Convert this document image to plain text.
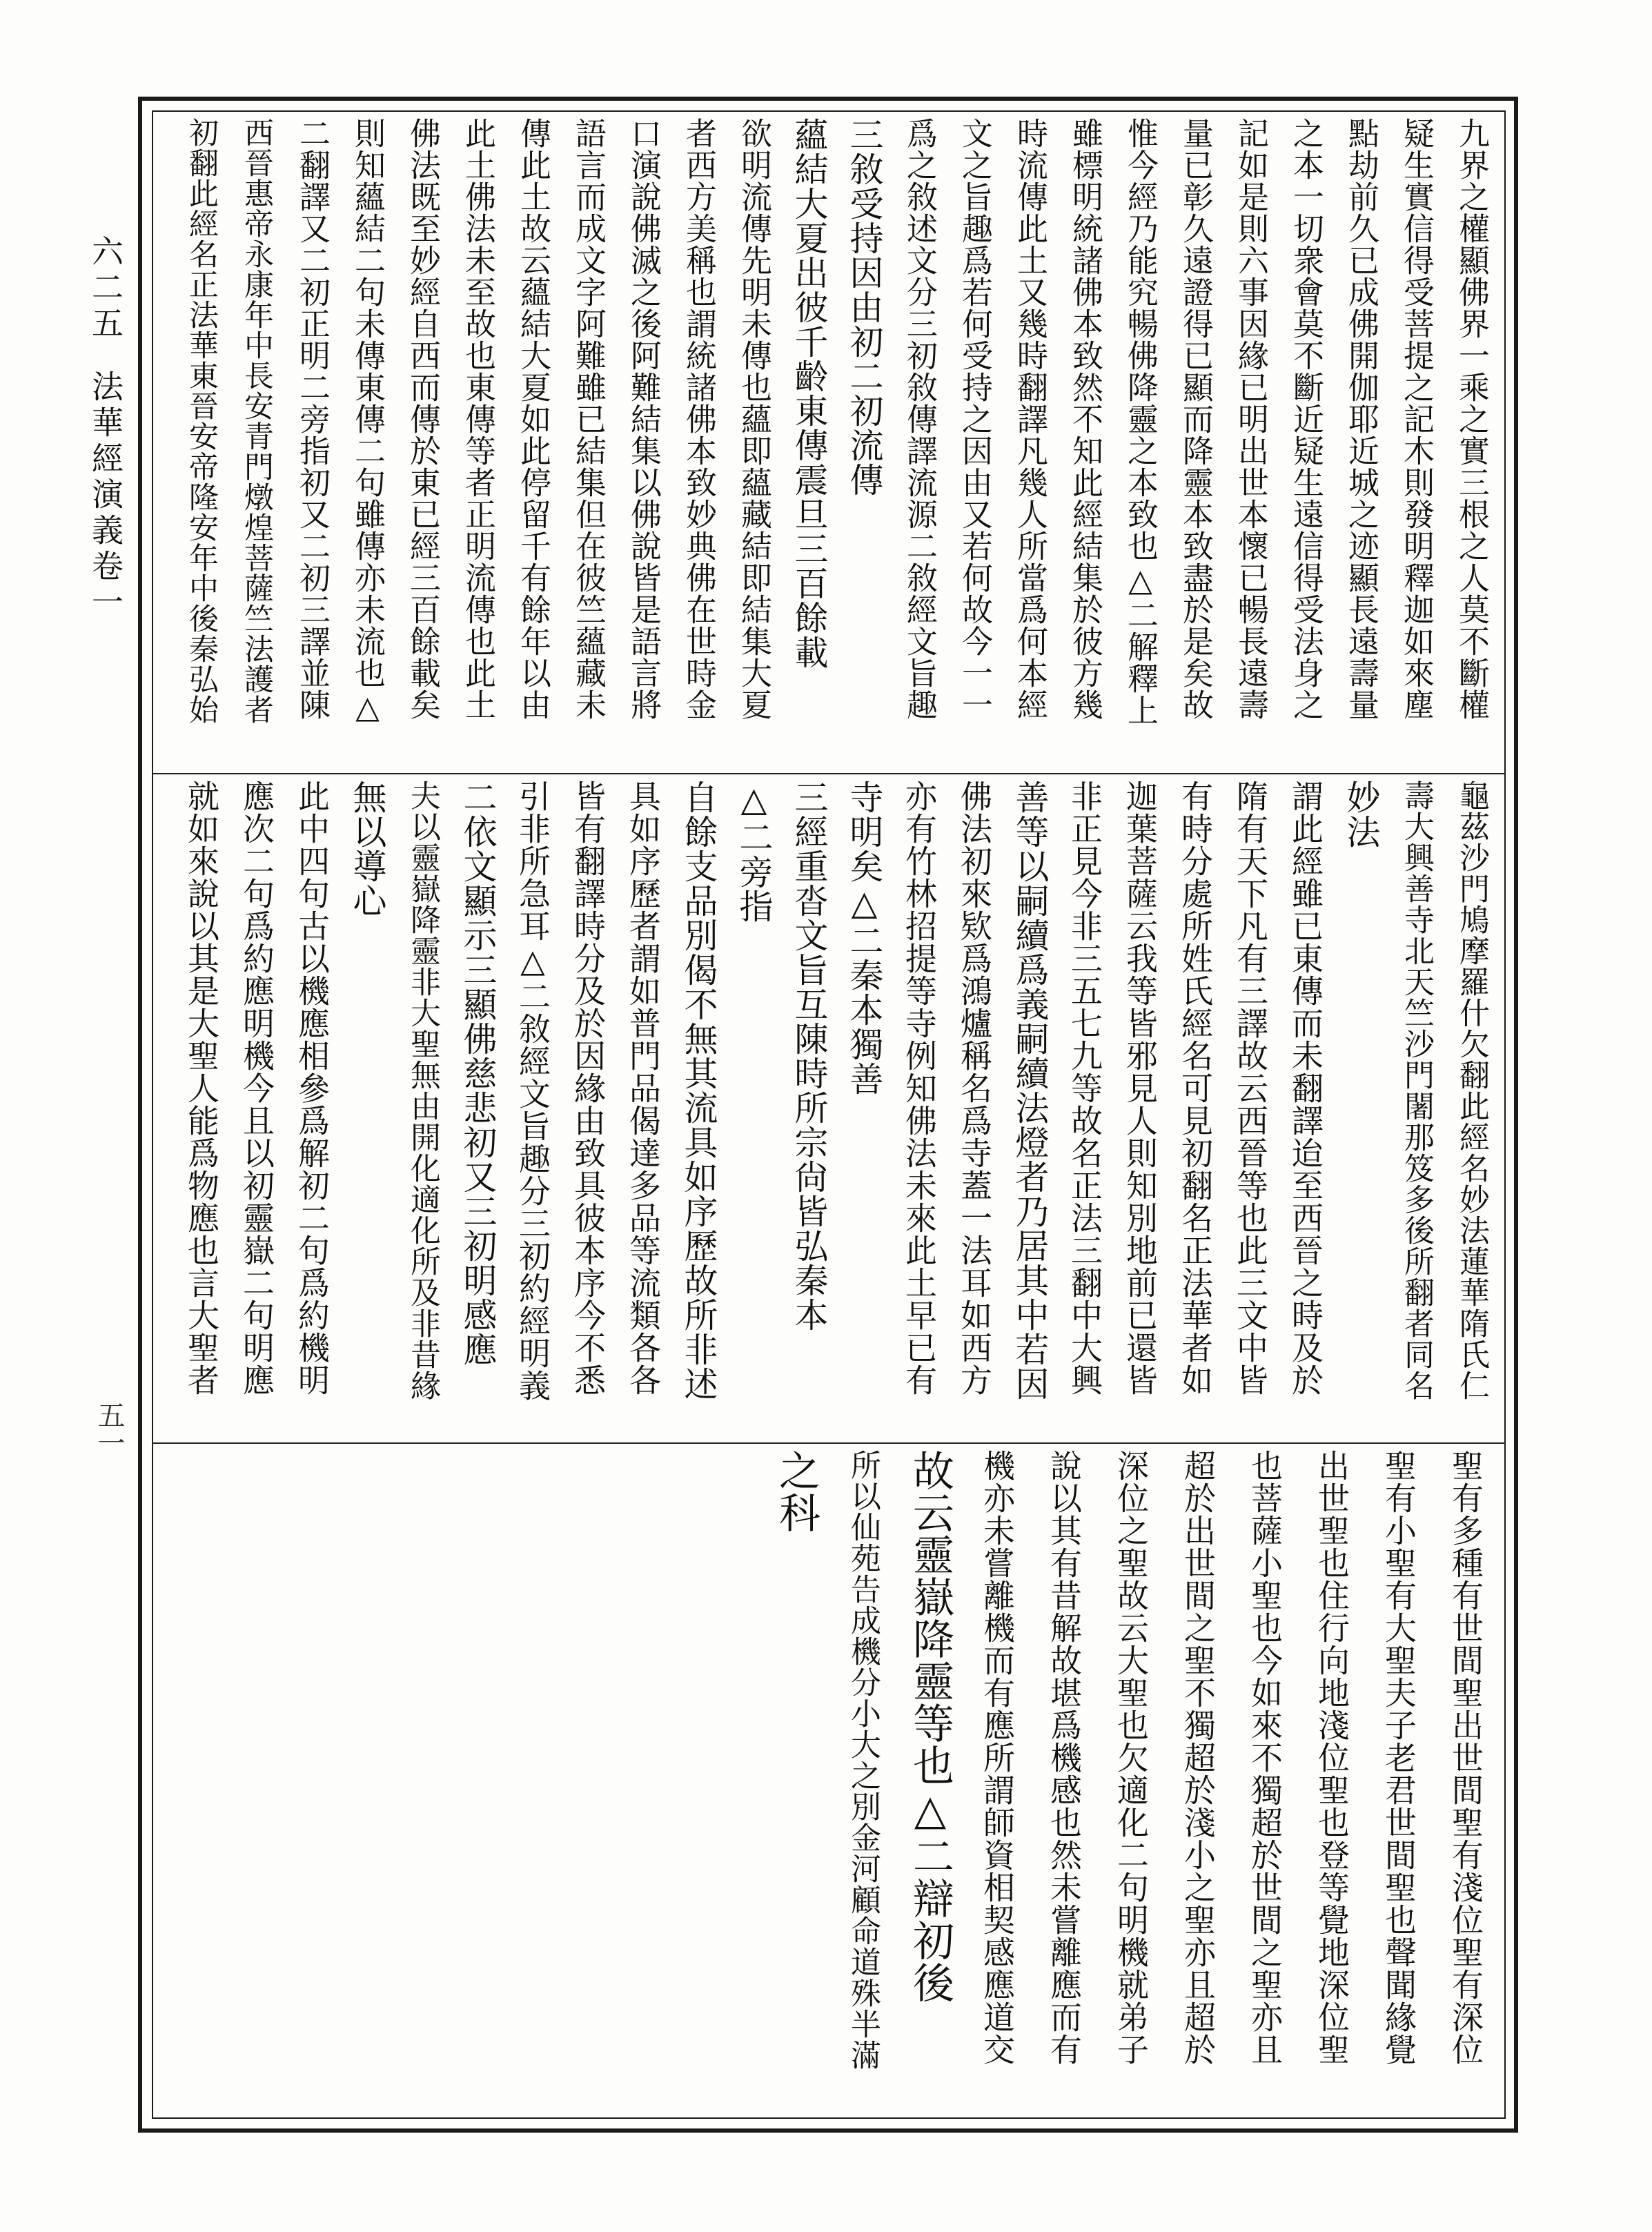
六二五
法華經演義卷一
五一
九界之權顯佛界一乘之實三根之人莫不斷權
疑生實信得受菩提之記木則發明釋迦如來塵
點劫前久已成佛開伽耶近城之迹顯長遠壽量
之本一切衆會莫不斷近疑生遠信得受法身之
記如是則六事因緣已明出世本懷已暢長遠壽
量已彰久遠證得已顯而降靈本致盡於是矣故
惟今經乃能究暢佛降靈之本致也△二解釋上
雖標明統諸佛本致然不知此經結集於彼方幾
時流傳此土又幾時翻譯凡幾人所當爲何本經
文之旨趣爲若何受持之因由又若何故今一一
爲之敘述文分三初敘傳譯流源二敘經文旨趣
三敘受持因由初二初流傳
蘊結大夏出彼千齡東傳震旦三百餘載
欲明流傳先明未傳也蘊即蘊藏結即結集大夏
者西方美稱也謂統諸佛本致妙典佛在世時金
口演說佛滅之後阿難結集以佛說皆是語言將
語言而成文字阿難雖已結集但在彼竺蘊藏未
傳此土故云蘊結大夏如此停留千有餘年以由
此土佛法未至故也東傳等者正明流傳也此土
佛法既至妙經自西而傳於東已經三百餘載矣
則知蘊結二句未傳東傳二句雖傳亦未流也△
二翻譯又二初正明二旁指初又二初三譯並陳
西晉惠帝永康年中長安青門燉煌菩薩竺法護者
初翻此經名正法華東晉安帝隆安年中後秦弘始
龜茲沙門鳩摩羅什欠翻此經名妙法蓮華隋氏仁
壽大興善寺北天竺沙門闍那笈多後所翻者同名
妙法
謂此經雖已東傳而未翻譯迨至西晉之時及於
隋有天下凡有三譯故云西晉等也此三文中皆
有時分處所姓氏經名可見初翻名正法華者如
迦葉菩薩云我等皆邪見人則知別地前已還皆
非正見今非三五七九等故名正法三翻中大興
善等以嗣續爲義嗣續法燈者乃居其中若因
佛法初來欵爲鴻爐稱名爲寺蓋一法耳如西方
亦有竹林招提等寺例知佛法未來此土早已有
寺明矣△二秦本獨善
三經重沓文旨互陳時所宗尙皆弘秦本
△二旁指
自餘支品別偈不無其流具如序歷故所非述
具如序歷者謂如普門品偈達多品等流類各各
皆有翻譯時分及於因緣由致具彼本序今不悉
引非所急耳△二敘經文旨趣分三初約經明義
二依文顯示三顯佛慈悲初又三初明感應
夫以靈嶽降靈非大聖無由開化適化所及非昔緣
無以導心
此中四句古以機應相參爲解初二句爲約機明
應次二句爲約應明機今且以初靈嶽二句明應
就如來說以其是大聖人能爲物應也言大聖者
聖有多種有世間聖出世間聖有淺位聖有深位
聖有小聖有大聖夫子老君世間聖也聲聞緣覺
出世聖也住行向地淺位聖也登等覺地深位聖
也菩薩小聖也今如來不獨超於世間之聖亦且
超於出世間之聖不獨超於淺小之聖亦且超於
深位之聖故云大聖也欠適化二句明機就弟子
說以其有昔解故堪爲機感也然未嘗離應而有
機亦未嘗離機而有應所謂師資相契感應道交
故云靈嶽降靈等也△二辯初後
所以仙苑告成機分小大之別金河顧命道殊半滿
之科
